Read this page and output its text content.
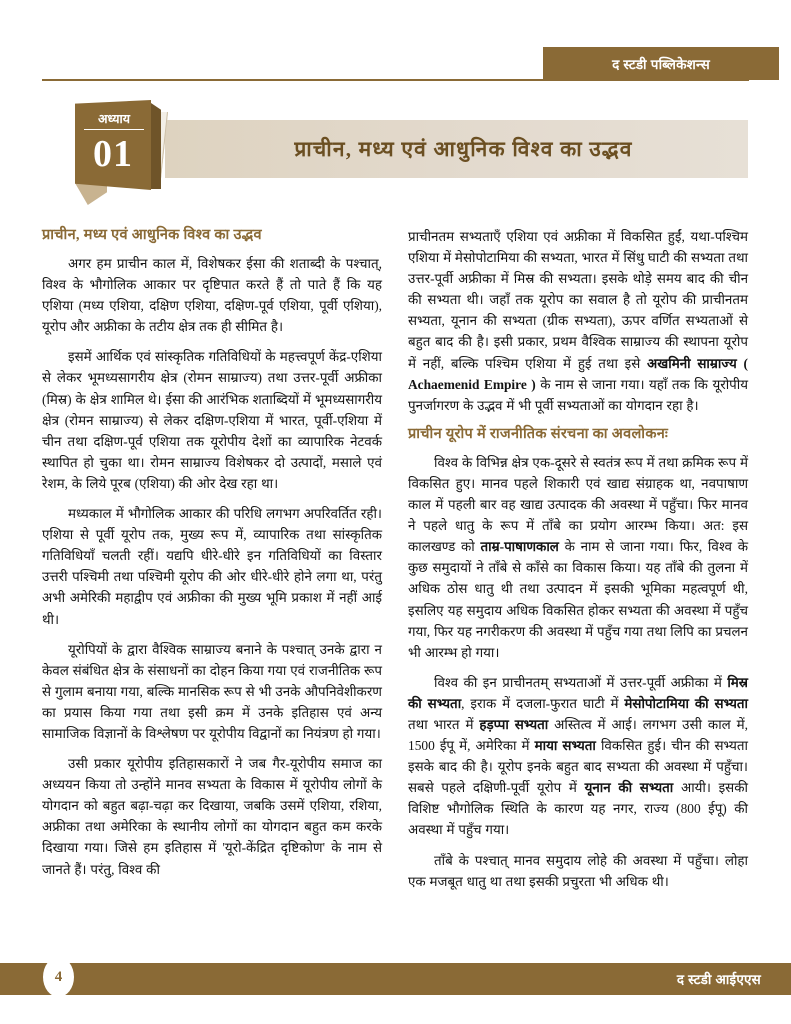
द स्टडी पब्लिकेशन्स
प्राचीन, मध्य एवं आधुनिक विश्व का उद्भव
अध्याय
01
प्राचीन, मध्य एवं आधुनिक विश्व का उद्भव

अगर हम प्राचीन काल में, विशेषकर ईसा की शताब्दी के पश्चात्, विश्व के भौगोलिक आकार पर दृष्टिपात करते हैं तो पाते हैं कि यह एशिया (मध्य एशिया, दक्षिण एशिया, दक्षिण-पूर्व एशिया, पूर्वी एशिया), यूरोप और अफ्रीका के तटीय क्षेत्र तक ही सीमित है।

इसमें आर्थिक एवं सांस्कृतिक गतिविधियों के महत्त्वपूर्ण केंद्र-एशिया से लेकर भूमध्यसागरीय क्षेत्र (रोमन साम्राज्य) तथा उत्तर-पूर्वी अफ्रीका (मिस्र) के क्षेत्र शामिल थे। ईसा की आरंभिक शताब्दियों में भूमध्यसागरीय क्षेत्र (रोमन साम्राज्य) से लेकर दक्षिण-एशिया में भारत, पूर्वी-एशिया में चीन तथा दक्षिण-पूर्व एशिया तक यूरोपीय देशों का व्यापारिक नेटवर्क स्थापित हो चुका था। रोमन साम्राज्य विशेषकर दो उत्पादों, मसाले एवं रेशम, के लिये पूरब (एशिया) की ओर देख रहा था।

मध्यकाल में भौगोलिक आकार की परिधि लगभग अपरिवर्तित रही। एशिया से पूर्वी यूरोप तक, मुख्य रूप में, व्यापारिक तथा सांस्कृतिक गतिविधियाँ चलती रहीं। यद्यपि धीरे-धीरे इन गतिविधियों का विस्तार उत्तरी पश्चिमी तथा पश्चिमी यूरोप की ओर धीरे-धीरे होने लगा था, परंतु अभी अमेरिकी महाद्वीप एवं अफ्रीका की मुख्य भूमि प्रकाश में नहीं आई थी।

यूरोपियों के द्वारा वैश्विक साम्राज्य बनाने के पश्चात् उनके द्वारा न केवल संबंधित क्षेत्र के संसाधनों का दोहन किया गया एवं राजनीतिक रूप से गुलाम बनाया गया, बल्कि मानसिक रूप से भी उनके औपनिवेशीकरण का प्रयास किया गया तथा इसी क्रम में उनके इतिहास एवं अन्य सामाजिक विज्ञानों के विश्लेषण पर यूरोपीय विद्वानों का नियंत्रण हो गया।

उसी प्रकार यूरोपीय इतिहासकारों ने जब गैर-यूरोपीय समाज का अध्ययन किया तो उन्होंने मानव सभ्यता के विकास में यूरोपीय लोगों के योगदान को बहुत बढ़ा-चढ़ा कर दिखाया, जबकि उसमें एशिया, रशिया, अफ्रीका तथा अमेरिका के स्थानीय लोगों का योगदान बहुत कम करके दिखाया गया। जिसे हम इतिहास में 'यूरो-केंद्रित दृष्टिकोण' के नाम से जानते हैं। परंतु, विश्व की

प्राचीनतम सभ्यताएँ एशिया एवं अफ्रीका में विकसित हुईं, यथा-पश्चिम एशिया में मेसोपोटामिया की सभ्यता, भारत में सिंधु घाटी की सभ्यता तथा उत्तर-पूर्वी अफ्रीका में मिस्र की सभ्यता। इसके थोड़े समय बाद की चीन की सभ्यता थी। जहाँ तक यूरोप का सवाल है तो यूरोप की प्राचीनतम सभ्यता, यूनान की सभ्यता (ग्रीक सभ्यता), ऊपर वर्णित सभ्यताओं से बहुत बाद की है। इसी प्रकार, प्रथम वैश्विक साम्राज्य की स्थापना यूरोप में नहीं, बल्कि पश्चिम एशिया में हुई तथा इसे अखमिनी साम्राज्य ( Achaemenid Empire ) के नाम से जाना गया। यहाँ तक कि यूरोपीय पुनर्जागरण के उद्भव में भी पूर्वी सभ्यताओं का योगदान रहा है।

प्राचीन यूरोप में राजनीतिक संरचना का अवलोकनः

विश्व के विभिन्न क्षेत्र एक-दूसरे से स्वतंत्र रूप में तथा क्रमिक रूप में विकसित हुए। मानव पहले शिकारी एवं खाद्य संग्राहक था, नवपाषाण काल में पहली बार वह खाद्य उत्पादक की अवस्था में पहुँचा। फिर मानव ने पहले धातु के रूप में ताँबे का प्रयोग आरम्भ किया। अत: इस कालखण्ड को ताम्र-पाषाणकाल के नाम से जाना गया। फिर, विश्व के कुछ समुदायों ने ताँबे से काँसे का विकास किया। यह ताँबे की तुलना में अधिक ठोस धातु थी तथा उत्पादन में इसकी भूमिका महत्वपूर्ण थी, इसलिए यह समुदाय अधिक विकसित होकर सभ्यता की अवस्था में पहुँच गया, फिर यह नगरीकरण की अवस्था में पहुँच गया तथा लिपि का प्रचलन भी आरम्भ हो गया।

विश्व की इन प्राचीनतम् सभ्यताओं में उत्तर-पूर्वी अफ्रीका में मिस्र की सभ्यता, इराक में दजला-फुरात घाटी में मेसोपोटामिया की सभ्यता तथा भारत में हड़प्पा सभ्यता अस्तित्व में आई। लगभग उसी काल में, 1500 ईपू में, अमेरिका में माया सभ्यता विकसित हुई। चीन की सभ्यता इसके बाद की है। यूरोप इनके बहुत बाद सभ्यता की अवस्था में पहुँचा। सबसे पहले दक्षिणी-पूर्वी यूरोप में यूनान की सभ्यता आयी। इसकी विशिष्ट भौगोलिक स्थिति के कारण यह नगर, राज्य (800 ईपू) की अवस्था में पहुँच गया।

ताँबे के पश्चात् मानव समुदाय लोहे की अवस्था में पहुँचा। लोहा एक मजबूत धातु था तथा इसकी प्रचुरता भी अधिक थी।

4	द स्टडी आईएएस
